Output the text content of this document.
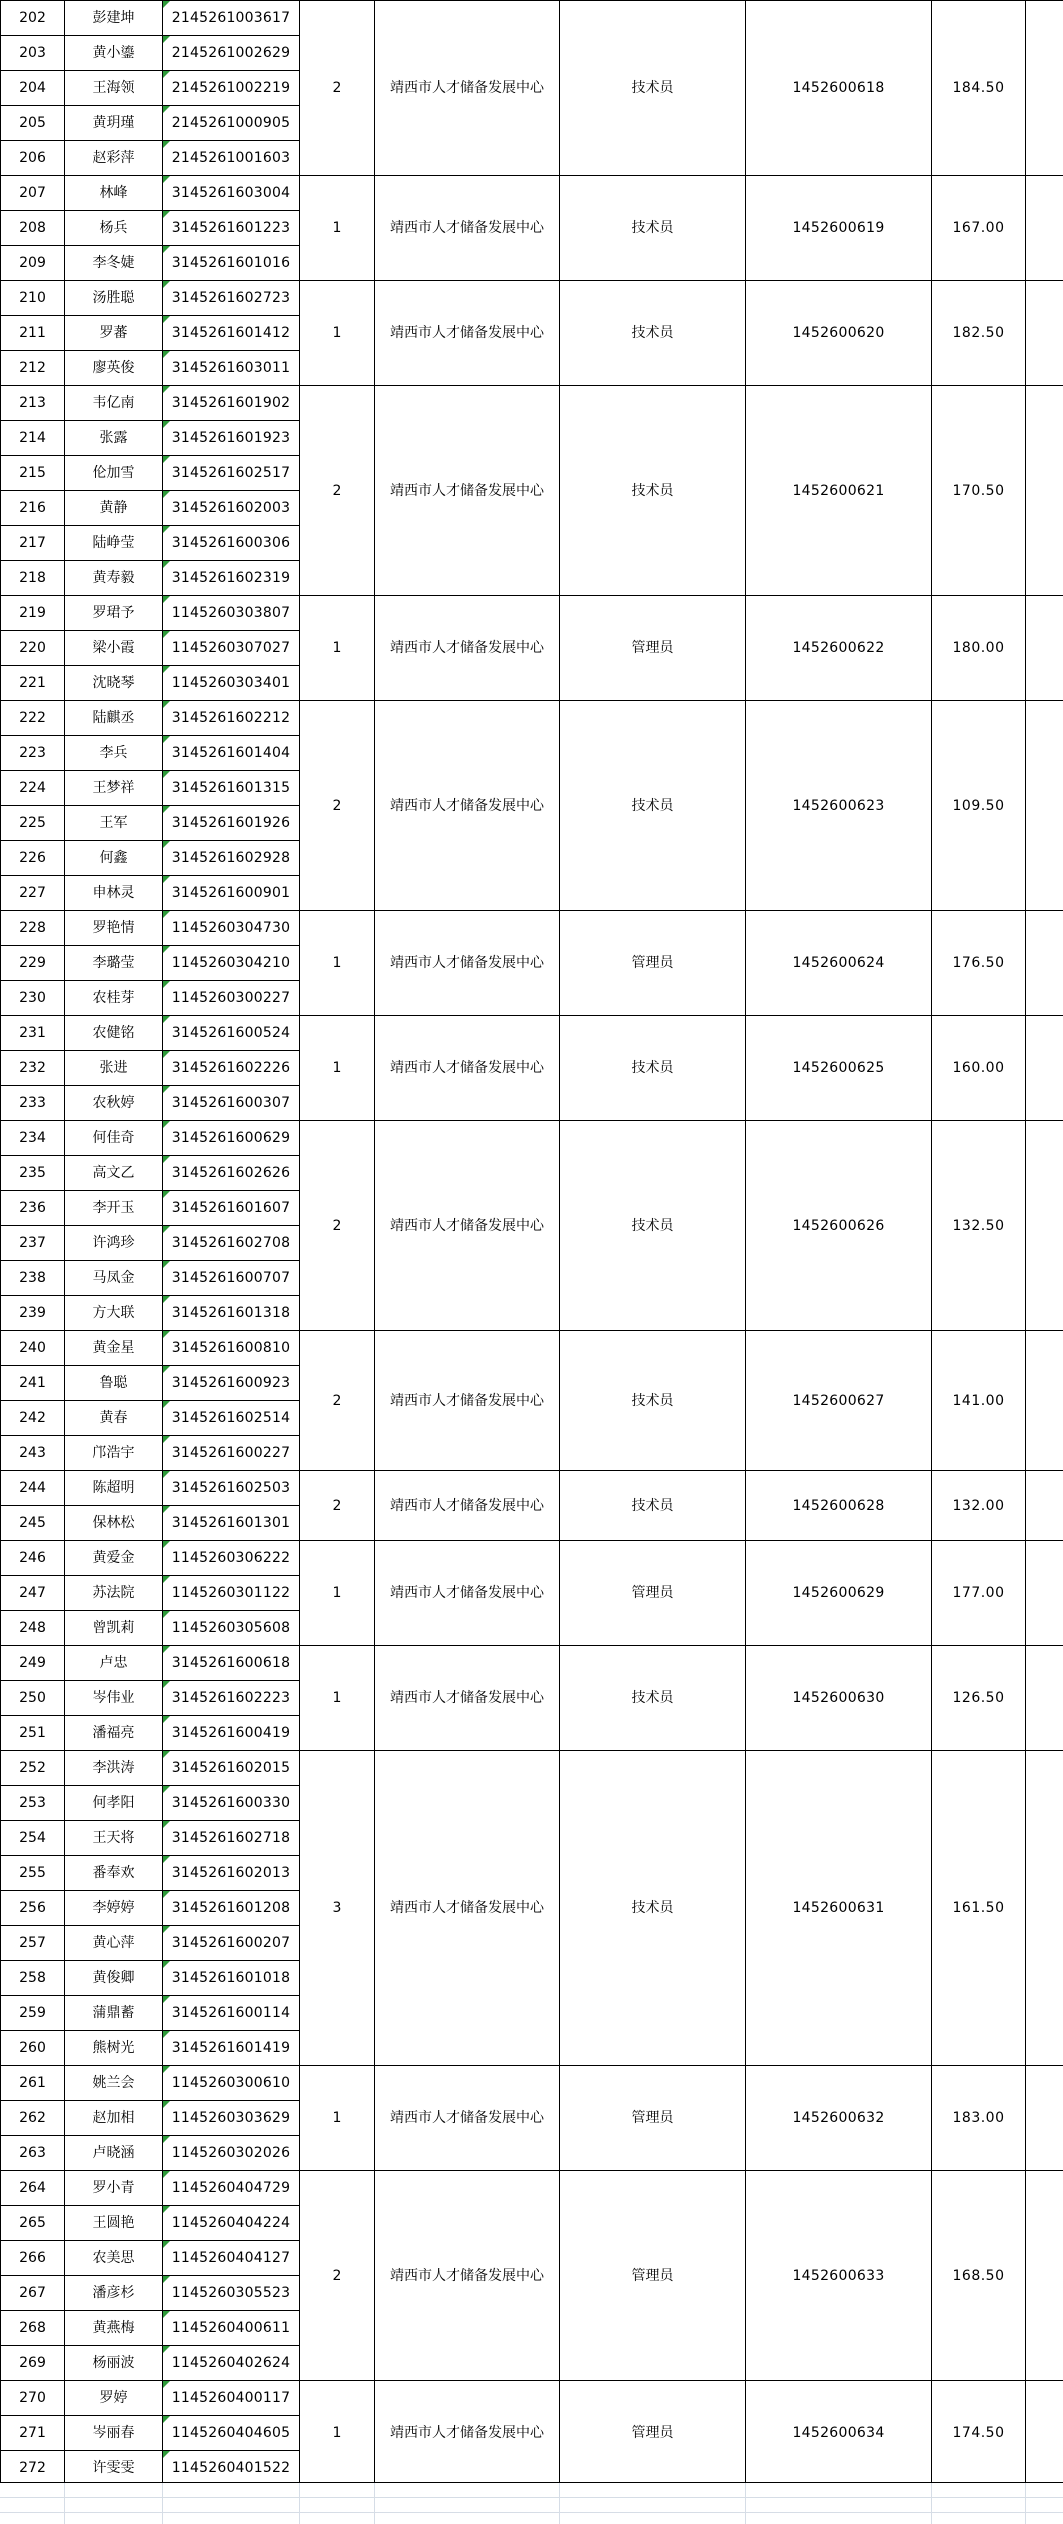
202	彭建坤	2145261003617	2	靖西市人才储备发展中心	技术员	1452600618	184.50	
203	黄小鎏	2145261002629						
204	王海领	2145261002219						
205	黄玥瑾	2145261000905						
206	赵彩萍	2145261001603						
207	林峰	3145261603004	1	靖西市人才储备发展中心	技术员	1452600619	167.00	
208	杨兵	3145261601223						
209	李冬婕	3145261601016						
210	汤胜聪	3145261602723	1	靖西市人才储备发展中心	技术员	1452600620	182.50	
211	罗蕃	3145261601412						
212	廖英俊	3145261603011						
213	韦亿南	3145261601902	2	靖西市人才储备发展中心	技术员	1452600621	170.50	
214	张露	3145261601923						
215	伦加雪	3145261602517						
216	黄静	3145261602003						
217	陆峥莹	3145261600306						
218	黄寿毅	3145261602319						
219	罗珺予	1145260303807	1	靖西市人才储备发展中心	管理员	1452600622	180.00	
220	梁小霞	1145260307027						
221	沈晓琴	1145260303401						
222	陆麒丞	3145261602212	2	靖西市人才储备发展中心	技术员	1452600623	109.50	
223	李兵	3145261601404						
224	王梦祥	3145261601315						
225	王军	3145261601926						
226	何鑫	3145261602928						
227	申林灵	3145261600901						
228	罗艳情	1145260304730	1	靖西市人才储备发展中心	管理员	1452600624	176.50	
229	李璐莹	1145260304210						
230	农桂芽	1145260300227						
231	农健铭	3145261600524	1	靖西市人才储备发展中心	技术员	1452600625	160.00	
232	张进	3145261602226						
233	农秋婷	3145261600307						
234	何佳奇	3145261600629	2	靖西市人才储备发展中心	技术员	1452600626	132.50	
235	高文乙	3145261602626						
236	李开玉	3145261601607						
237	许鸿珍	3145261602708						
238	马凤金	3145261600707						
239	方大联	3145261601318						
240	黄金星	3145261600810	2	靖西市人才储备发展中心	技术员	1452600627	141.00	
241	鲁聪	3145261600923						
242	黄春	3145261602514						
243	邝浩宇	3145261600227						
244	陈超明	3145261602503	2	靖西市人才储备发展中心	技术员	1452600628	132.00	
245	保林松	3145261601301						
246	黄爱金	1145260306222	1	靖西市人才储备发展中心	管理员	1452600629	177.00	
247	苏法院	1145260301122						
248	曾凯莉	1145260305608						
249	卢忠	3145261600618	1	靖西市人才储备发展中心	技术员	1452600630	126.50	
250	岑伟业	3145261602223						
251	潘福亮	3145261600419						
252	李洪涛	3145261602015	3	靖西市人才储备发展中心	技术员	1452600631	161.50	
253	何孝阳	3145261600330						
254	王天将	3145261602718						
255	番奉欢	3145261602013						
256	李婷婷	3145261601208						
257	黄心萍	3145261600207						
258	黄俊卿	3145261601018						
259	蒲鼎蓄	3145261600114						
260	熊树光	3145261601419						
261	姚兰会	1145260300610	1	靖西市人才储备发展中心	管理员	1452600632	183.00	
262	赵加相	1145260303629						
263	卢晓涵	1145260302026						
264	罗小青	1145260404729	2	靖西市人才储备发展中心	管理员	1452600633	168.50	
265	王圆艳	1145260404224						
266	农美思	1145260404127						
267	潘彦杉	1145260305523						
268	黄燕梅	1145260400611						
269	杨丽波	1145260402624						
270	罗婷	1145260400117	1	靖西市人才储备发展中心	管理员	1452600634	174.50	
271	岑丽春	1145260404605						
272	许雯雯	1145260401522						
